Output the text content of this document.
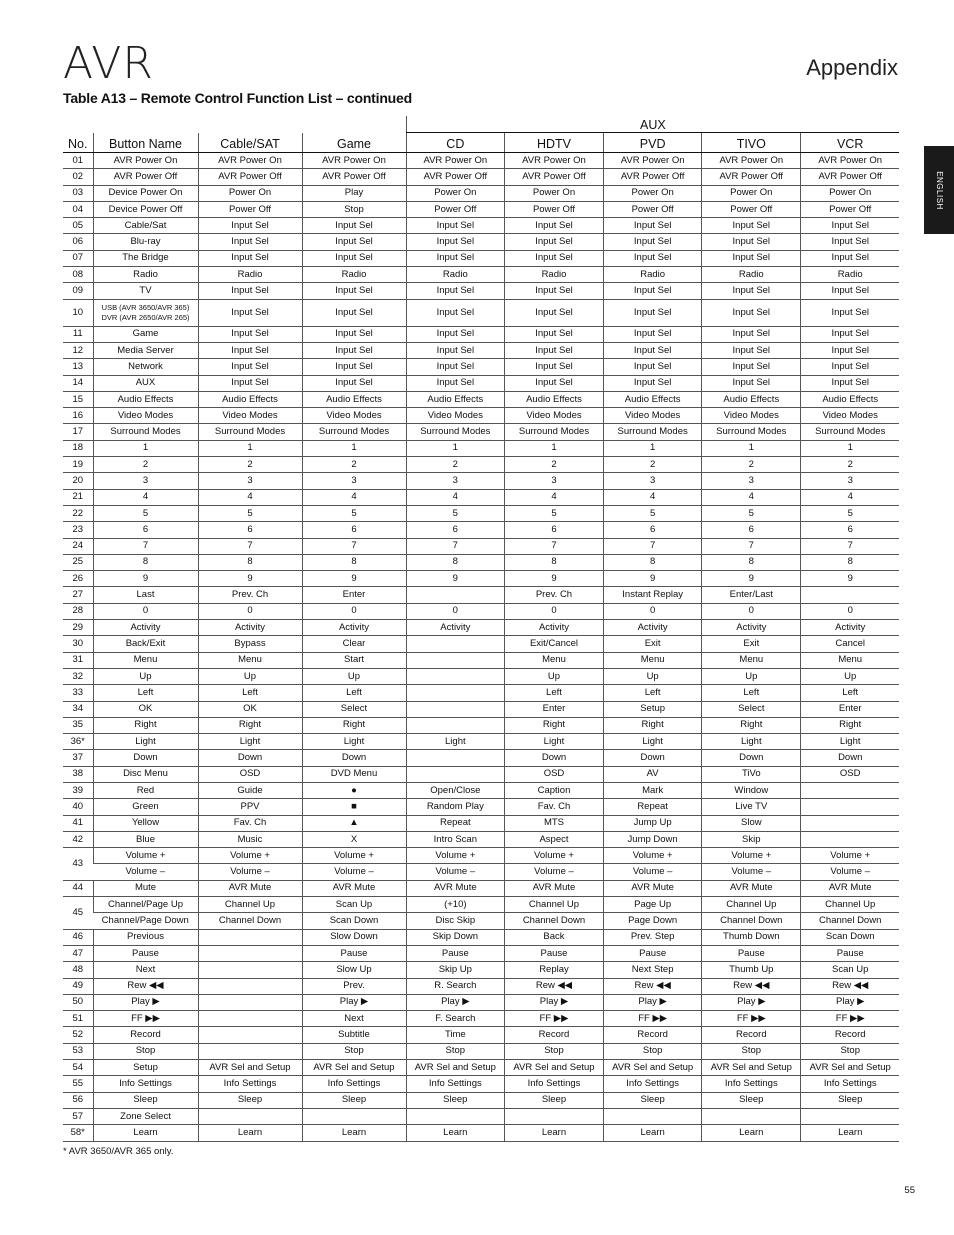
AVR	Appendix
ENGLISH
Table A13 – Remote Control Function List – continued
				AUX				
No.	Button Name	Cable/SAT	Game	CD	HDTV	PVD	TIVO	VCR
01	AVR Power On	AVR Power On	AVR Power On	AVR Power On	AVR Power On	AVR Power On	AVR Power On	AVR Power On
02	AVR Power Off	AVR Power Off	AVR Power Off	AVR Power Off	AVR Power Off	AVR Power Off	AVR Power Off	AVR Power Off
03	Device Power On	Power On	Play	Power On	Power On	Power On	Power On	Power On
04	Device Power Off	Power Off	Stop	Power Off	Power Off	Power Off	Power Off	Power Off
05	Cable/Sat	Input Sel	Input Sel	Input Sel	Input Sel	Input Sel	Input Sel	Input Sel
06	Blu-ray	Input Sel	Input Sel	Input Sel	Input Sel	Input Sel	Input Sel	Input Sel
07	The Bridge	Input Sel	Input Sel	Input Sel	Input Sel	Input Sel	Input Sel	Input Sel
08	Radio	Radio	Radio	Radio	Radio	Radio	Radio	Radio
09	TV	Input Sel	Input Sel	Input Sel	Input Sel	Input Sel	Input Sel	Input Sel
10	USB (AVR 3650/AVR 365)
DVR (AVR 2650/AVR 265)	Input Sel	Input Sel	Input Sel	Input Sel	Input Sel	Input Sel	Input Sel
11	Game	Input Sel	Input Sel	Input Sel	Input Sel	Input Sel	Input Sel	Input Sel
12	Media Server	Input Sel	Input Sel	Input Sel	Input Sel	Input Sel	Input Sel	Input Sel
13	Network	Input Sel	Input Sel	Input Sel	Input Sel	Input Sel	Input Sel	Input Sel
14	AUX	Input Sel	Input Sel	Input Sel	Input Sel	Input Sel	Input Sel	Input Sel
15	Audio Effects	Audio Effects	Audio Effects	Audio Effects	Audio Effects	Audio Effects	Audio Effects	Audio Effects
16	Video Modes	Video Modes	Video Modes	Video Modes	Video Modes	Video Modes	Video Modes	Video Modes
17	Surround Modes	Surround Modes	Surround Modes	Surround Modes	Surround Modes	Surround Modes	Surround Modes	Surround Modes
18	1	1	1	1	1	1	1	1
19	2	2	2	2	2	2	2	2
20	3	3	3	3	3	3	3	3
21	4	4	4	4	4	4	4	4
22	5	5	5	5	5	5	5	5
23	6	6	6	6	6	6	6	6
24	7	7	7	7	7	7	7	7
25	8	8	8	8	8	8	8	8
26	9	9	9	9	9	9	9	9
27	Last	Prev. Ch	Enter		Prev. Ch	Instant Replay	Enter/Last	
28	0	0	0	0	0	0	0	0
29	Activity	Activity	Activity	Activity	Activity	Activity	Activity	Activity
30	Back/Exit	Bypass	Clear		Exit/Cancel	Exit	Exit	Cancel
31	Menu	Menu	Start		Menu	Menu	Menu	Menu
32	Up	Up	Up		Up	Up	Up	Up
33	Left	Left	Left		Left	Left	Left	Left
34	OK	OK	Select		Enter	Setup	Select	Enter
35	Right	Right	Right		Right	Right	Right	Right
36*	Light	Light	Light	Light	Light	Light	Light	Light
37	Down	Down	Down		Down	Down	Down	Down
38	Disc Menu	OSD	DVD Menu		OSD	AV	TiVo	OSD
39	Red	Guide	●	Open/Close	Caption	Mark	Window	
40	Green	PPV	■	Random Play	Fav. Ch	Repeat	Live TV	
41	Yellow	Fav. Ch	▲	Repeat	MTS	Jump Up	Slow	
42	Blue	Music	X	Intro Scan	Aspect	Jump Down	Skip	
43	Volume +	Volume +	Volume +	Volume +	Volume +	Volume +	Volume +	Volume +
	Volume –	Volume –	Volume –	Volume –	Volume –	Volume –	Volume –	Volume –
44	Mute	AVR Mute	AVR Mute	AVR Mute	AVR Mute	AVR Mute	AVR Mute	AVR Mute
45	Channel/Page Up	Channel Up	Scan Up	(+10)	Channel Up	Page Up	Channel Up	Channel Up
	Channel/Page Down	Channel Down	Scan Down	Disc Skip	Channel Down	Page Down	Channel Down	Channel Down
46	Previous		Slow Down	Skip Down	Back	Prev. Step	Thumb Down	Scan Down
47	Pause		Pause	Pause	Pause	Pause	Pause	Pause
48	Next		Slow Up	Skip Up	Replay	Next Step	Thumb Up	Scan Up
49	Rew ◀◀		Prev.	R. Search	Rew ◀◀	Rew ◀◀	Rew ◀◀	Rew ◀◀
50	Play ▶		Play ▶	Play ▶	Play ▶	Play ▶	Play ▶	Play ▶
51	FF ▶▶		Next	F. Search	FF ▶▶	FF ▶▶	FF ▶▶	FF ▶▶
52	Record		Subtitle	Time	Record	Record	Record	Record
53	Stop		Stop	Stop	Stop	Stop	Stop	Stop
54	Setup	AVR Sel and Setup	AVR Sel and Setup	AVR Sel and Setup	AVR Sel and Setup	AVR Sel and Setup	AVR Sel and Setup	AVR Sel and Setup
55	Info Settings	Info Settings	Info Settings	Info Settings	Info Settings	Info Settings	Info Settings	Info Settings
56	Sleep	Sleep	Sleep	Sleep	Sleep	Sleep	Sleep	Sleep
57	Zone Select							
58*	Learn	Learn	Learn	Learn	Learn	Learn	Learn	Learn
* AVR 3650/AVR 365 only.
55
